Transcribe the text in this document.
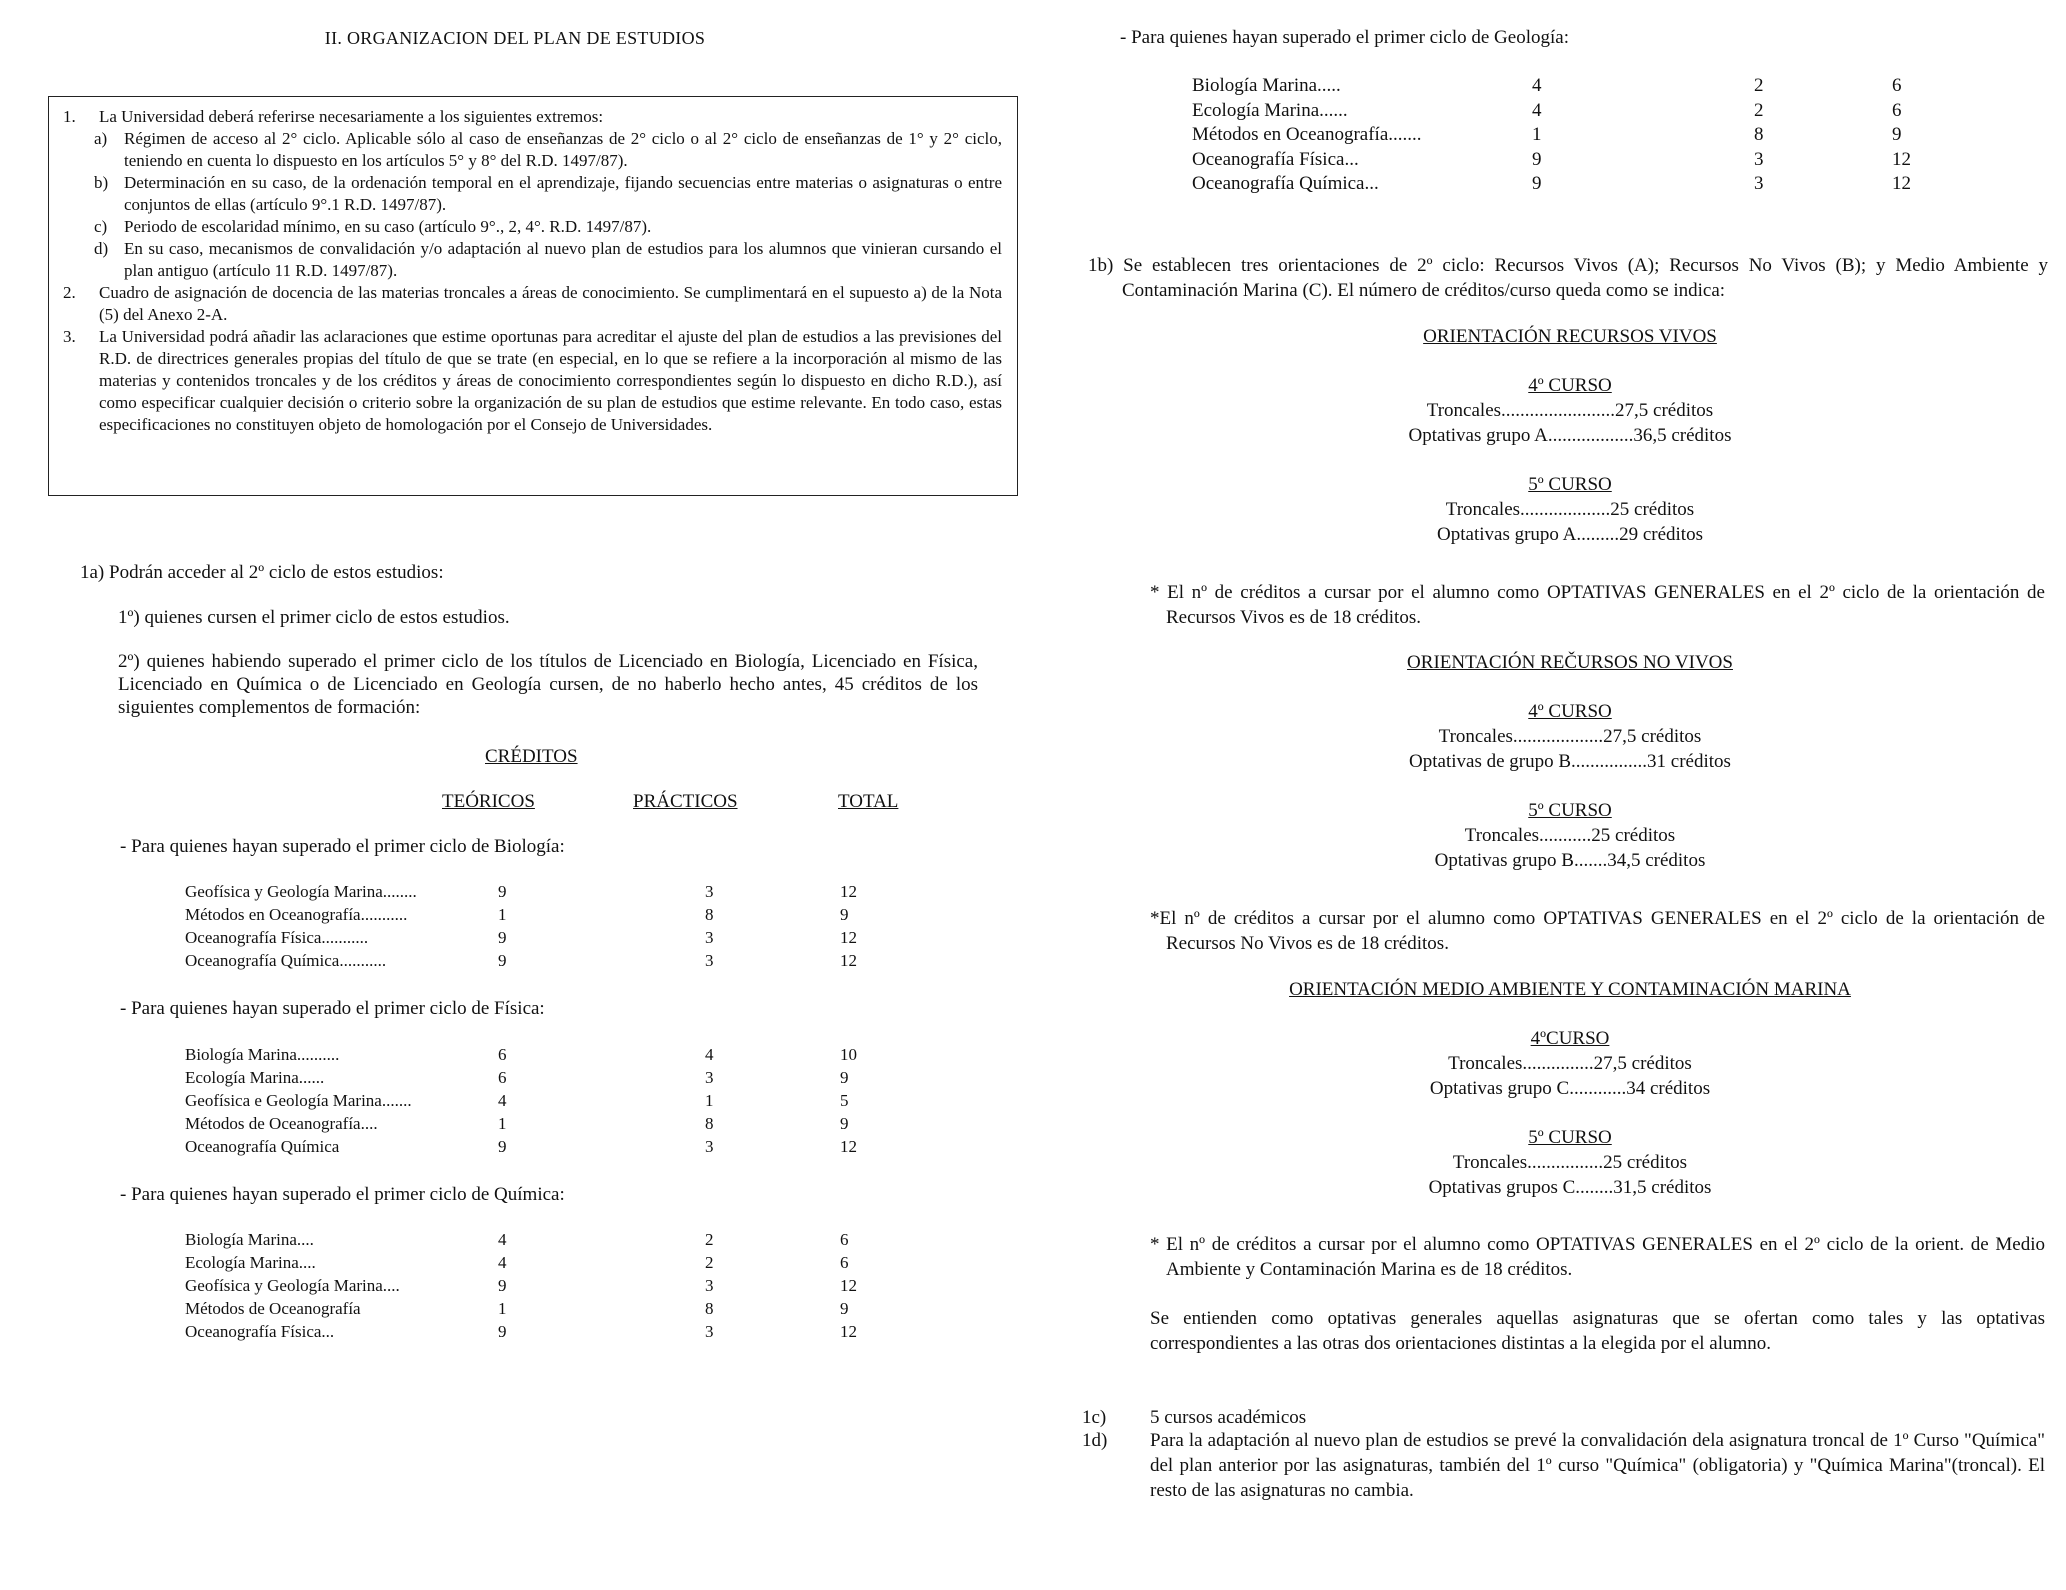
II. ORGANIZACION DEL PLAN DE ESTUDIOS
1. La Universidad deberá referirse necesariamente a los siguientes extremos:
a) Régimen de acceso al 2° ciclo. Aplicable sólo al caso de enseñanzas de 2° ciclo o al 2° ciclo de enseñanzas de 1° y 2° ciclo, teniendo en cuenta lo dispuesto en los artículos 5° y 8° del R.D. 1497/87).
b) Determinación en su caso, de la ordenación temporal en el aprendizaje, fijando secuencias entre materias o asignaturas o entre conjuntos de ellas (artículo 9°.1 R.D. 1497/87).
c) Periodo de escolaridad mínimo, en su caso (artículo 9°., 2, 4°. R.D. 1497/87).
d) En su caso, mecanismos de convalidación y/o adaptación al nuevo plan de estudios para los alumnos que vinieran cursando el plan antiguo (artículo 11 R.D. 1497/87).
2. Cuadro de asignación de docencia de las materias troncales a áreas de conocimiento. Se cumplimentará en el supuesto a) de la Nota (5) del Anexo 2-A.
3. La Universidad podrá añadir las aclaraciones que estime oportunas para acreditar el ajuste del plan de estudios a las previsiones del R.D. de directrices generales propias del título de que se trate (en especial, en lo que se refiere a la incorporación al mismo de las materias y contenidos troncales y de los créditos y áreas de conocimiento correspondientes según lo dispuesto en dicho R.D.), así como especificar cualquier decisión o criterio sobre la organización de su plan de estudios que estime relevante. En todo caso, estas especificaciones no constituyen objeto de homologación por el Consejo de Universidades.
1a) Podrán acceder al 2º ciclo de estos estudios:
1º) quienes cursen el primer ciclo de estos estudios.
2º) quienes habiendo superado el primer ciclo de los títulos de Licenciado en Biología, Licenciado en Física, Licenciado en Química o de Licenciado en Geología cursen, de no haberlo hecho antes, 45 créditos de los siguientes complementos de formación:
CRÉDITOS
TEÓRICOS	PRÁCTICOS	TOTAL
- Para quienes hayan superado el primer ciclo de Biología:
Geofísica y Geología Marina........	9	3	12
Métodos en Oceanografía...........	1	8	9
Oceanografía Física...........	9	3	12
Oceanografía Química...........	9	3	12
- Para quienes hayan superado el primer ciclo de Física:
Biología Marina..........	6	4	10
Ecología Marina......	6	3	9
Geofísica e Geología Marina.......	4	1	5
Métodos de Oceanografía....	1	8	9
Oceanografía Química	9	3	12
- Para quienes hayan superado el primer ciclo de Química:
Biología Marina....	4	2	6
Ecología Marina....	4	2	6
Geofísica y Geología Marina....	9	3	12
Métodos de Oceanografía	1	8	9
Oceanografía Física...	9	3	12
- Para quienes hayan superado el primer ciclo de Geología:
Biología Marina.....	4	2	6
Ecología Marina......	4	2	6
Métodos en Oceanografía.......	1	8	9
Oceanografía Física...	9	3	12
Oceanografía Química...	9	3	12
1b) Se establecen tres orientaciones de 2º ciclo: Recursos Vivos (A); Recursos No Vivos (B); y Medio Ambiente y Contaminación Marina (C). El número de créditos/curso queda como se indica:
ORIENTACIÓN RECURSOS VIVOS
4º CURSO
Troncales........................27,5 créditos
Optativas grupo A..................36,5 créditos
5º CURSO
Troncales...................25 créditos
Optativas grupo A.........29 créditos
* El nº de créditos a cursar por el alumno como OPTATIVAS GENERALES en el 2º ciclo de la orientación de Recursos Vivos es de 18 créditos.
ORIENTACIÓN REČURSOS NO VIVOS
4º CURSO
Troncales...................27,5 créditos
Optativas de grupo B................31 créditos
5º CURSO
Troncales...........25 créditos
Optativas grupo B.......34,5 créditos
*El nº de créditos a cursar por el alumno como OPTATIVAS GENERALES en el 2º ciclo de la orientación de Recursos No Vivos es de 18 créditos.
ORIENTACIÓN MEDIO AMBIENTE Y CONTAMINACIÓN MARINA
4ºCURSO
Troncales...............27,5 créditos
Optativas grupo C............34 créditos
5º CURSO
Troncales................25 créditos
Optativas grupos C........31,5 créditos
* El nº de créditos a cursar por el alumno como OPTATIVAS GENERALES en el 2º ciclo de la orient. de Medio Ambiente y Contaminación Marina es de 18 créditos.
Se entienden como optativas generales aquellas asignaturas que se ofertan como tales y las optativas correspondientes a las otras dos orientaciones distintas a la elegida por el alumno.
1c) 5 cursos académicos
1d) Para la adaptación al nuevo plan de estudios se prevé la convalidación dela asignatura troncal de 1º Curso "Química" del plan anterior por las asignaturas, también del 1º curso "Química" (obligatoria) y "Química Marina"(troncal). El resto de las asignaturas no cambia.
